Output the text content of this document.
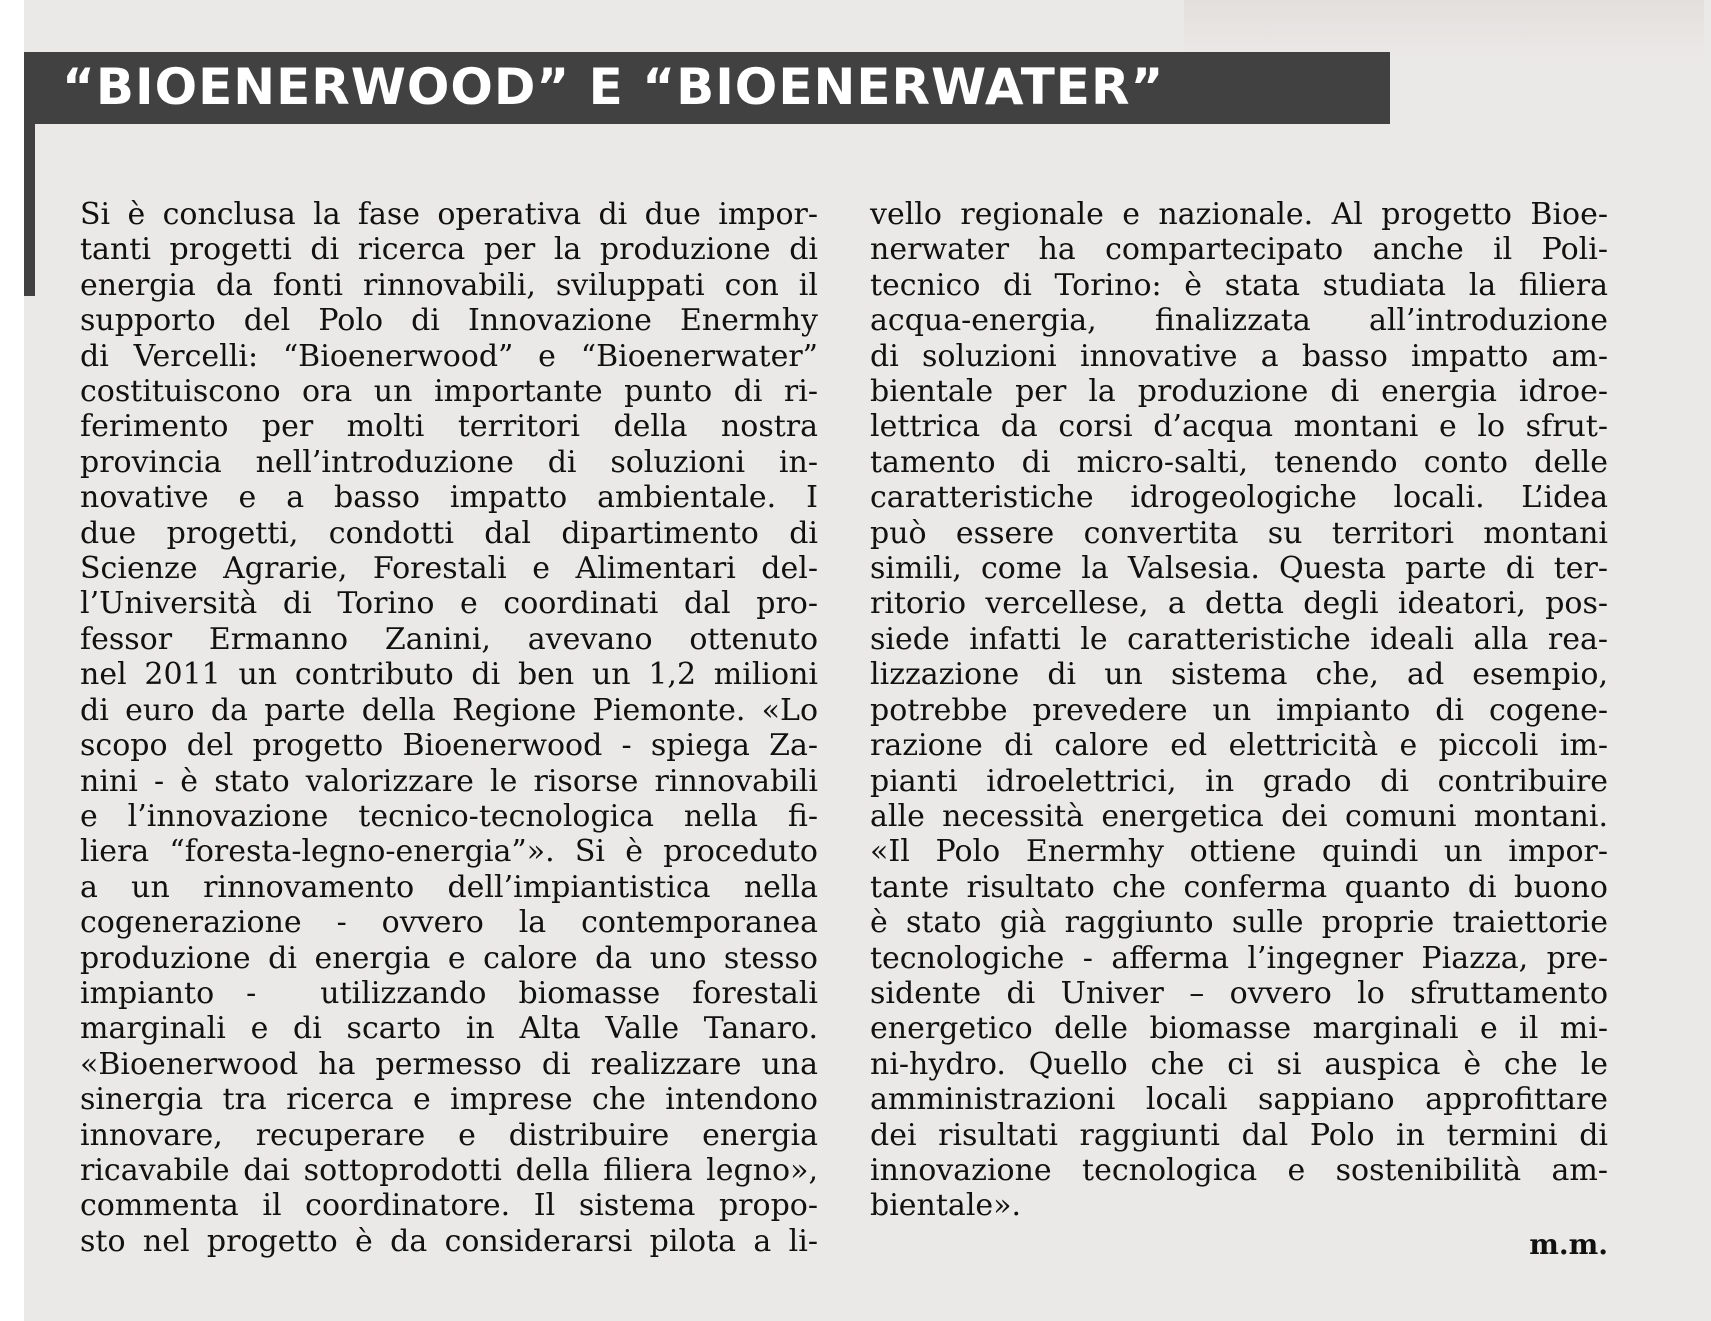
“BIOENERWOOD” E “BIOENERWATER”
Si è conclusa la fase operativa di due impor-
tanti progetti di ricerca per la produzione di
energia da fonti rinnovabili, sviluppati con il
supporto del Polo di Innovazione Enermhy
di Vercelli: “Bioenerwood” e “Bioenerwater”
costituiscono ora un importante punto di ri-
ferimento per molti territori della nostra
provincia nell’introduzione di soluzioni in-
novative e a basso impatto ambientale. I
due progetti, condotti dal dipartimento di
Scienze Agrarie, Forestali e Alimentari del-
l’Università di Torino e coordinati dal pro-
fessor Ermanno Zanini, avevano ottenuto
nel 2011 un contributo di ben un 1,2 milioni
di euro da parte della Regione Piemonte. «Lo
scopo del progetto Bioenerwood - spiega Za-
nini - è stato valorizzare le risorse rinnovabili
e l’innovazione tecnico-tecnologica nella fi-
liera “foresta-legno-energia”». Si è proceduto
a un rinnovamento dell’impiantistica nella
cogenerazione - ovvero la contemporanea
produzione di energia e calore da uno stesso
impianto -  utilizzando biomasse forestali
marginali e di scarto in Alta Valle Tanaro.
«Bioenerwood ha permesso di realizzare una
sinergia tra ricerca e imprese che intendono
innovare, recuperare e distribuire energia
ricavabile dai sottoprodotti della filiera legno»,
commenta il coordinatore. Il sistema propo-
sto nel progetto è da considerarsi pilota a li-
vello regionale e nazionale. Al progetto Bioe-
nerwater ha compartecipato anche il Poli-
tecnico di Torino: è stata studiata la filiera
acqua-energia, finalizzata all’introduzione
di soluzioni innovative a basso impatto am-
bientale per la produzione di energia idroe-
lettrica da corsi d’acqua montani e lo sfrut-
tamento di micro-salti, tenendo conto delle
caratteristiche idrogeologiche locali. L’idea
può essere convertita su territori montani
simili, come la Valsesia. Questa parte di ter-
ritorio vercellese, a detta degli ideatori, pos-
siede infatti le caratteristiche ideali alla rea-
lizzazione di un sistema che, ad esempio,
potrebbe prevedere un impianto di cogene-
razione di calore ed elettricità e piccoli im-
pianti idroelettrici, in grado di contribuire
alle necessità energetica dei comuni montani.
«Il Polo Enermhy ottiene quindi un impor-
tante risultato che conferma quanto di buono
è stato già raggiunto sulle proprie traiettorie
tecnologiche - afferma l’ingegner Piazza, pre-
sidente di Univer – ovvero lo sfruttamento
energetico delle biomasse marginali e il mi-
ni-hydro. Quello che ci si auspica è che le
amministrazioni locali sappiano approfittare
dei risultati raggiunti dal Polo in termini di
innovazione tecnologica e sostenibilità am-
bientale».
m.m.
